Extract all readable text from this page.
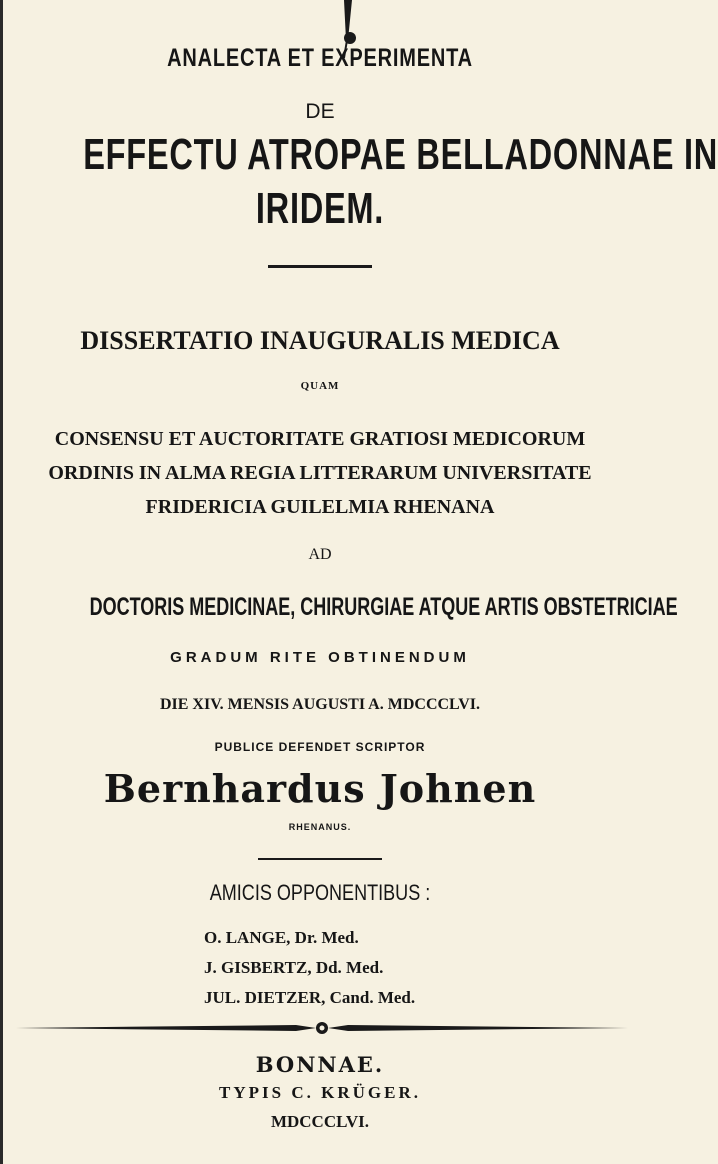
ANALECTA ET EXPERIMENTA
DE
EFFECTU ATROPAE BELLADONNAE IN
IRIDEM.
DISSERTATIO INAUGURALIS MEDICA
QUAM
CONSENSU ET AUCTORITATE GRATIOSI MEDICORUM
ORDINIS IN ALMA REGIA LITTERARUM UNIVERSITATE
FRIDERICIA GUILELMIA RHENANA
AD
DOCTORIS MEDICINAE, CHIRURGIAE ATQUE ARTIS OBSTETRICIAE
GRADUM RITE OBTINENDUM
DIE XIV. MENSIS AUGUSTI A. MDCCCLVI.
PUBLICE DEFENDET SCRIPTOR
Bernhardus Johnen
RHENANUS.
AMICIS OPPONENTIBUS :
O. LANGE, Dr. Med.
J. GISBERTZ, Dd. Med.
JUL. DIETZER, Cand. Med.
BONNAE.
TYPIS C. KRÜGER.
MDCCCLVI.
